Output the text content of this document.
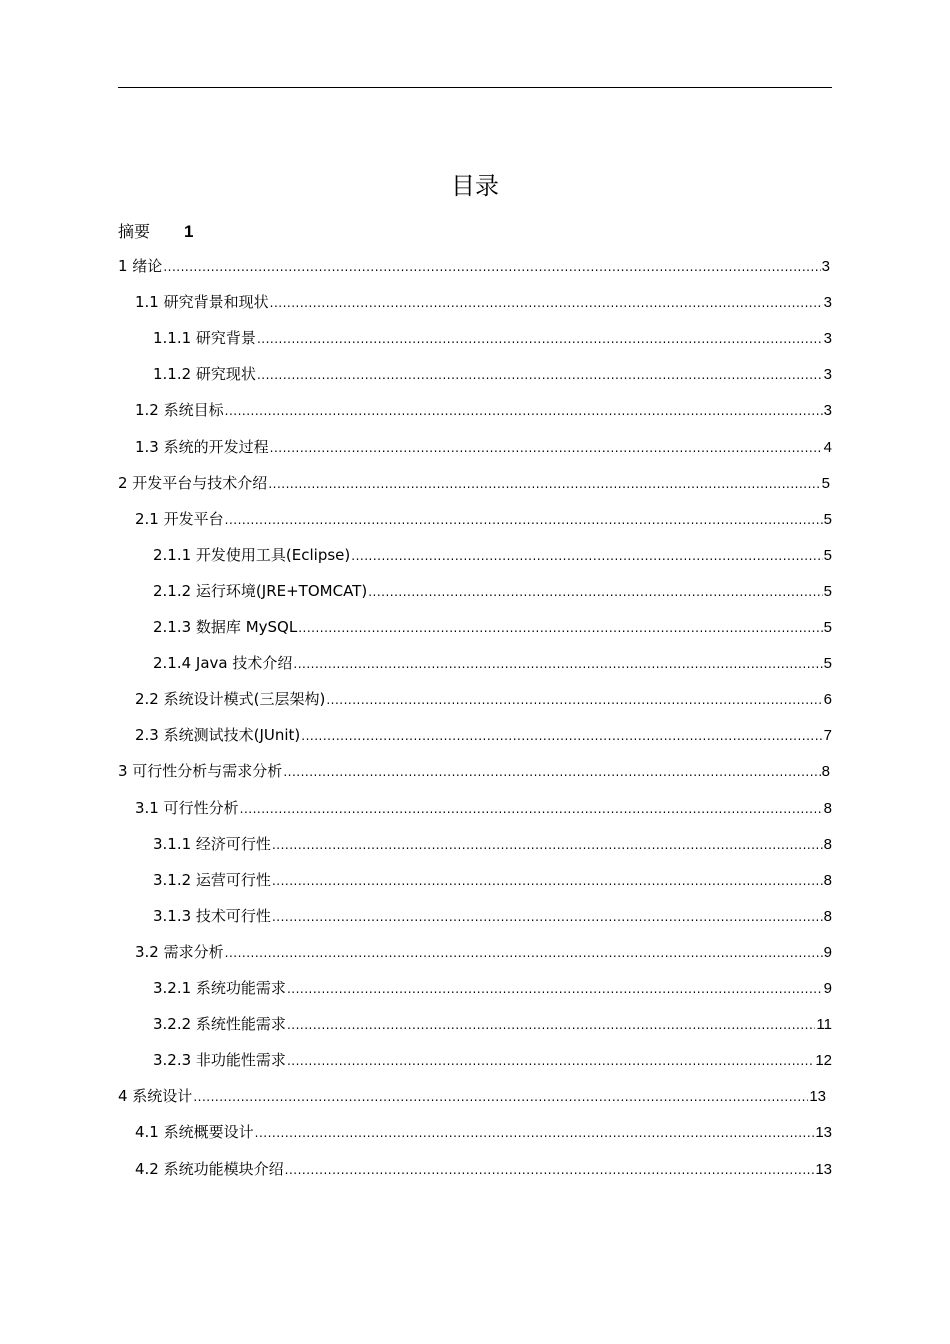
目录
摘要 1
1 绪论 .....	3
1.1 研究背景和现状 .....	3
1.1.1 研究背景 .....	3
1.1.2 研究现状 .....	3
1.2 系统目标 .....	3
1.3 系统的开发过程 .....	4
2 开发平台与技术介绍 .....	5
2.1 开发平台 .....	5
2.1.1 开发使用工具(Eclipse) .....	5
2.1.2 运行环境(JRE+TOMCAT) .....	5
2.1.3 数据库 MySQL .....	5
2.1.4 Java 技术介绍 .....	5
2.2 系统设计模式(三层架构) .....	6
2.3 系统测试技术(JUnit) .....	7
3 可行性分析与需求分析 .....	8
3.1 可行性分析 .....	8
3.1.1 经济可行性 .....	8
3.1.2 运营可行性 .....	8
3.1.3 技术可行性 .....	8
3.2 需求分析 .....	9
3.2.1 系统功能需求 .....	9
3.2.2 系统性能需求 .....	11
3.2.3 非功能性需求 .....	12
4 系统设计 .....	13
4.1 系统概要设计 .....	13
4.2 系统功能模块介绍 .....	13
